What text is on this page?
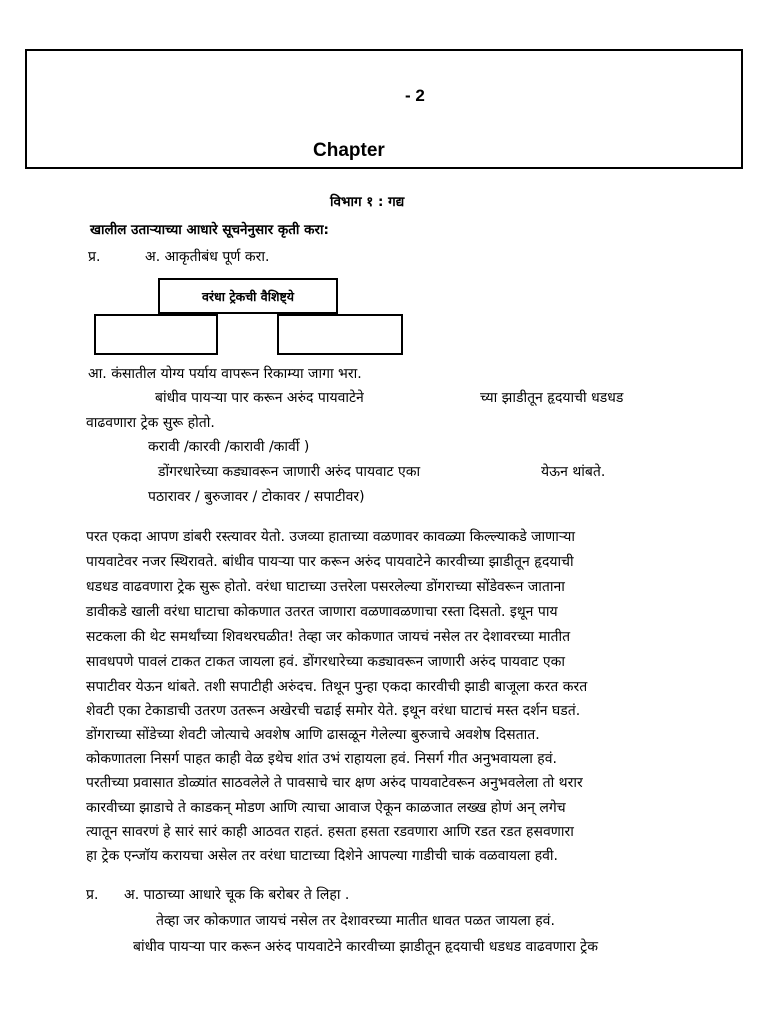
- 2
Chapter
विभाग १ : गद्य
खालील उताऱ्याच्या आधारे सूचनेनुसार कृती करा:
प्र.	अ. आकृतीबंध पूर्ण करा.
वरंधा ट्रेकची वैशिष्ट्ये
आ. कंसातील योग्य पर्याय वापरून रिकाम्या जागा भरा.
बांधीव पायऱ्या पार करून अरुंद पायवाटेने	च्या झाडीतून हृदयाची धडधड
वाढवणारा ट्रेक सुरू होतो.
करावी /कारवी /कारावी /कार्वी )
डोंगरधारेच्या कड्यावरून जाणारी अरुंद पायवाट एका	येऊन थांबते.
पठारावर / बुरुजावर / टोकावर / सपाटीवर)
परत एकदा आपण डांबरी रस्त्यावर येतो. उजव्या हाताच्या वळणावर कावळ्या किल्ल्याकडे जाणाऱ्या
पायवाटेवर नजर स्थिरावते. बांधीव पायऱ्या पार करून अरुंद पायवाटेने कारवीच्या झाडीतून हृदयाची
धडधड वाढवणारा ट्रेक सुरू होतो. वरंधा घाटाच्या उत्तरेला पसरलेल्या डोंगराच्या सोंडेवरून जाताना
डावीकडे खाली वरंधा घाटाचा कोकणात उतरत जाणारा वळणावळणाचा रस्ता दिसतो. इथून पाय
सटकला की थेट समर्थांच्या शिवथरघळीत! तेव्हा जर कोकणात जायचं नसेल तर देशावरच्या मातीत
सावधपणे पावलं टाकत टाकत जायला हवं. डोंगरधारेच्या कड्यावरून जाणारी अरुंद पायवाट एका
सपाटीवर येऊन थांबते. तशी सपाटीही अरुंदच. तिथून पुन्हा एकदा कारवीची झाडी बाजूला करत करत
शेवटी एका टेकाडाची उतरण उतरून अखेरची चढाई समोर येते. इथून वरंधा घाटाचं मस्त दर्शन घडतं.
डोंगराच्या सोंडेच्या शेवटी जोत्याचे अवशेष आणि ढासळून गेलेल्या बुरुजाचे अवशेष दिसतात.
कोकणातला निसर्ग पाहत काही वेळ इथेच शांत उभं राहायला हवं. निसर्ग गीत अनुभवायला हवं.
परतीच्या प्रवासात डोळ्यांत साठवलेले ते पावसाचे चार क्षण अरुंद पायवाटेवरून अनुभवलेला तो थरार
कारवीच्या झाडाचे ते काडकन् मोडण आणि त्याचा आवाज ऐकून काळजात लख्ख होणं अन् लगेच
त्यातून सावरणं हे सारं सारं काही आठवत राहतं. हसता हसता रडवणारा आणि रडत रडत हसवणारा
हा ट्रेक एन्जॉय करायचा असेल तर वरंधा घाटाच्या दिशेने आपल्या गाडीची चाकं वळवायला हवी.
प्र. अ. पाठाच्या आधारे चूक कि बरोबर ते लिहा .
तेव्हा जर कोकणात जायचं नसेल तर देशावरच्या मातीत धावत पळत जायला हवं.
बांधीव पायऱ्या पार करून अरुंद पायवाटेने कारवीच्या झाडीतून हृदयाची धडधड वाढवणारा ट्रेक
